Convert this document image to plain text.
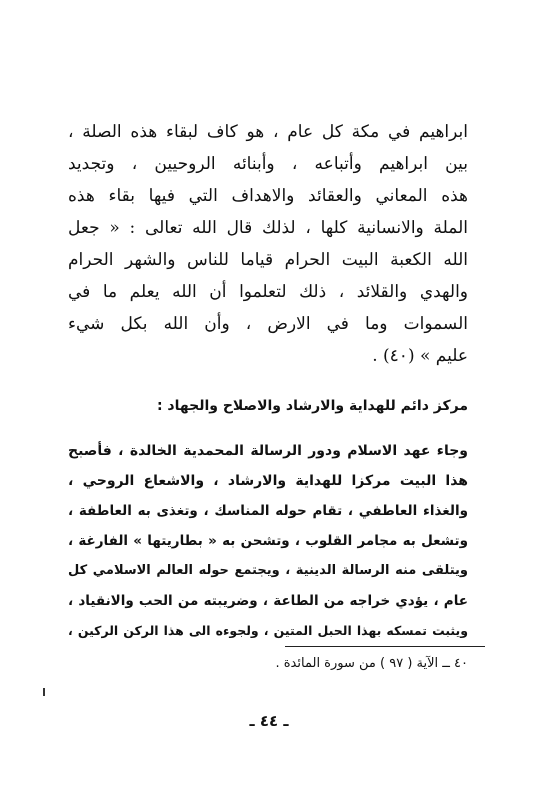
ابراهيم في مكة كل عام ، هو كاف لبقاء هذه الصلة ،
بين ابراهيم وأتباعه ، وأبنائه الروحيين ، وتجديد
هذه المعاني والعقائد والاهداف التي فيها بقاء هذه
الملة والانسانية كلها ، لذلك قال الله تعالى : « جعل
الله الكعبة البيت الحرام قياما للناس والشهر الحرام
والهدي والقلائد ، ذلك لتعلموا أن الله يعلم ما في
السموات وما في الارض ، وأن الله بكل شيء
عليم » (٤٠) .
مركز دائم للهداية والارشاد والاصلاح والجهاد :
وجاء عهد الاسلام ودور الرسالة المحمدية الخالدة ، فأصبح
هذا البيت مركزا للهداية والارشاد ، والاشعاع الروحي ،
والغذاء العاطفي ، تقام حوله المناسك ، وتغذى به العاطفة ،
وتشعل به مجامر القلوب ، وتشحن به « بطاريتها » الفارغة ،
ويتلقى منه الرسالة الدينية ، ويجتمع حوله العالم الاسلامي كل
عام ، يؤدي خراجه من الطاعة ، وضريبته من الحب والانقياد ،
ويثبت تمسكه بهذا الحبل المتين ، ولجوءه الى هذا الركن الركين ،
٤٠ ــ الآية ( ٩٧ ) من سورة المائدة .
ـ ٤٤ ـ
